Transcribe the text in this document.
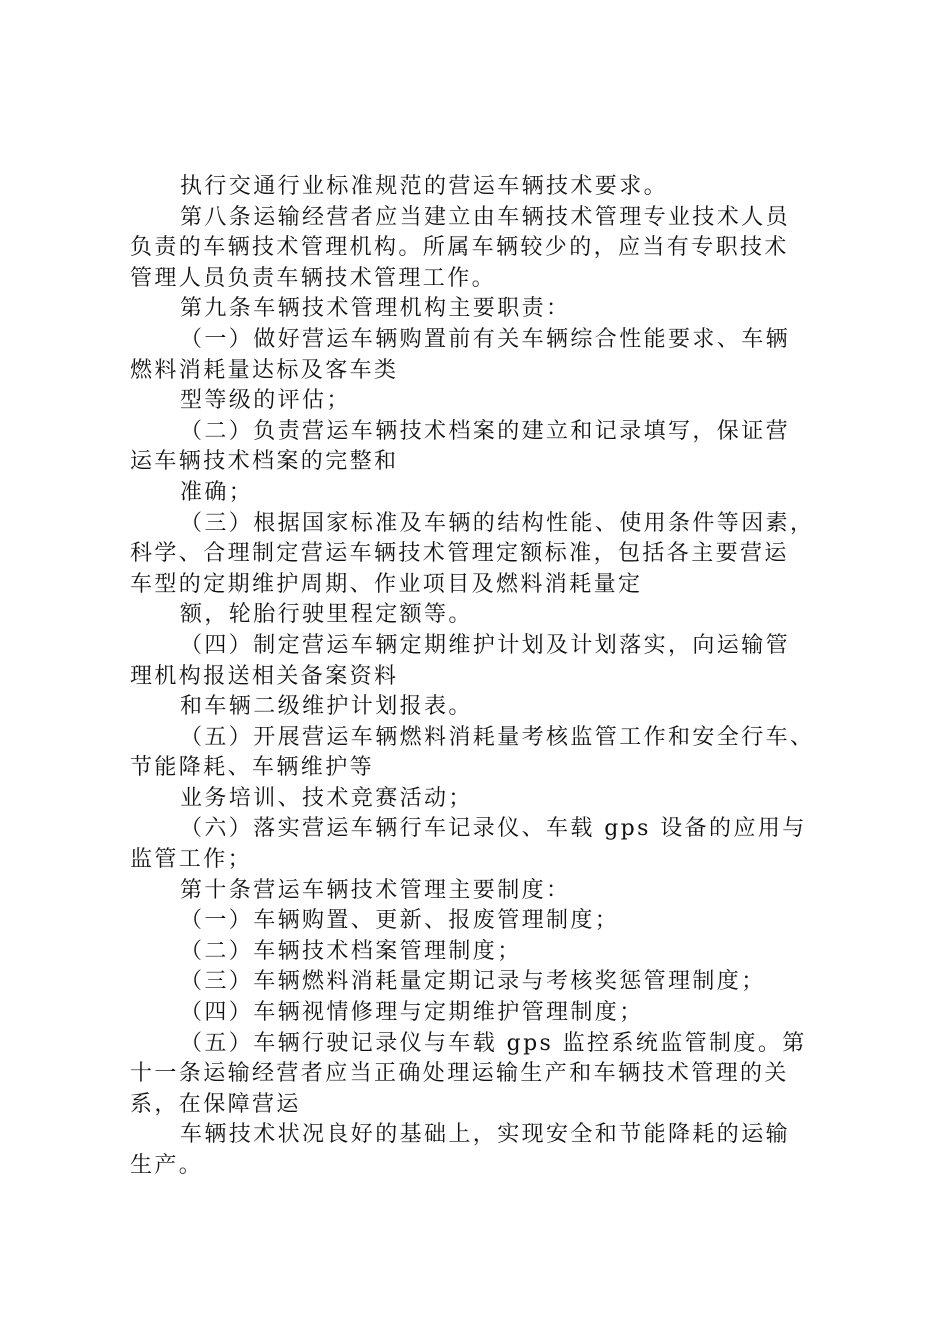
执行交通行业标准规范的营运车辆技术要求。
第八条运输经营者应当建立由车辆技术管理专业技术人员
负责的车辆技术管理机构。所属车辆较少的，应当有专职技术
管理人员负责车辆技术管理工作。
第九条车辆技术管理机构主要职责：
（一）做好营运车辆购置前有关车辆综合性能要求、车辆
燃料消耗量达标及客车类
型等级的评估；
（二）负责营运车辆技术档案的建立和记录填写，保证营
运车辆技术档案的完整和
准确；
（三）根据国家标准及车辆的结构性能、使用条件等因素，
科学、合理制定营运车辆技术管理定额标准，包括各主要营运
车型的定期维护周期、作业项目及燃料消耗量定
额，轮胎行驶里程定额等。
（四）制定营运车辆定期维护计划及计划落实，向运输管
理机构报送相关备案资料
和车辆二级维护计划报表。
（五）开展营运车辆燃料消耗量考核监管工作和安全行车、
节能降耗、车辆维护等
业务培训、技术竞赛活动；
（六）落实营运车辆行车记录仪、车载 gps 设备的应用与
监管工作；
第十条营运车辆技术管理主要制度：
（一）车辆购置、更新、报废管理制度；
（二）车辆技术档案管理制度；
（三）车辆燃料消耗量定期记录与考核奖惩管理制度；
（四）车辆视情修理与定期维护管理制度；
（五）车辆行驶记录仪与车载 gps 监控系统监管制度。第
十一条运输经营者应当正确处理运输生产和车辆技术管理的关
系，在保障营运
车辆技术状况良好的基础上，实现安全和节能降耗的运输
生产。
